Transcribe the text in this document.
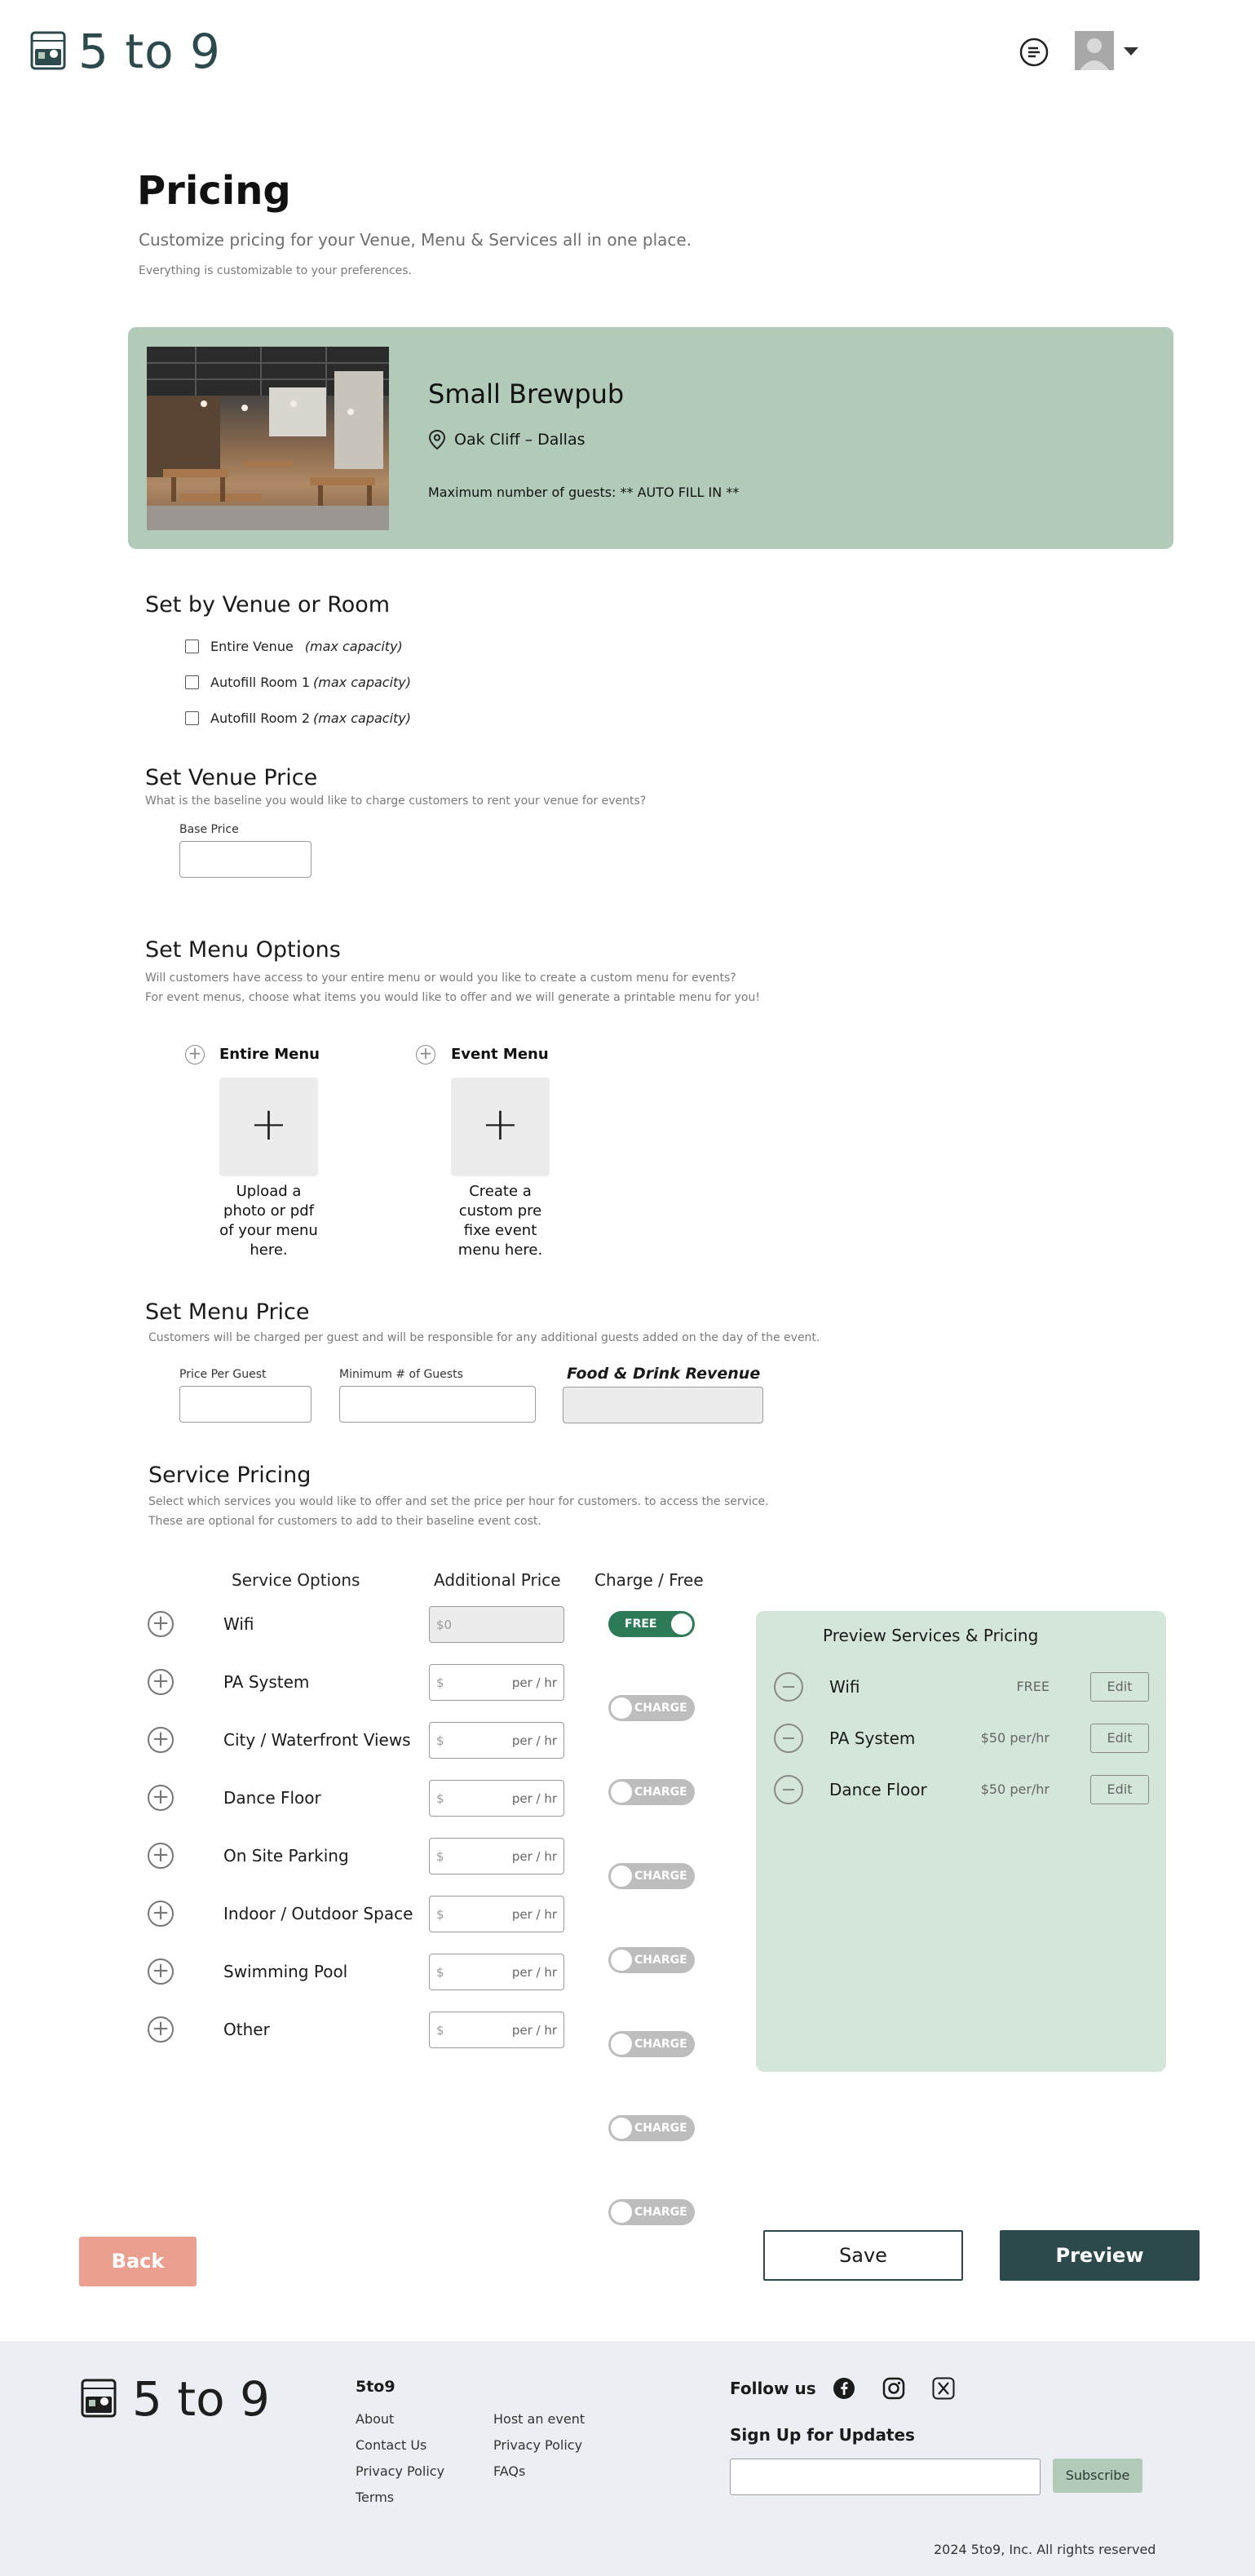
5 to 9
Pricing
Customize pricing for your Venue, Menu & Services all in one place.
Everything is customizable to your preferences.
Small Brewpub
Oak Cliff – Dallas
Maximum number of guests: ** AUTO FILL IN **
Set by Venue or Room
Entire Venue (max capacity)
Autofill Room 1 (max capacity)
Autofill Room 2 (max capacity)
Set Venue Price
What is the baseline you would like to charge customers to rent your venue for events?
Base Price
Set Menu Options
Will customers have access to your entire menu or would you like to create a custom menu for events?
For event menus, choose what items you would like to offer and we will generate a printable menu for you!
+ Entire Menu
+
Upload a photo or pdf of your menu here.
+ Event Menu
+
Create a custom pre fixe event menu here.
Set Menu Price
Customers will be charged per guest and will be responsible for any additional guests added on the day of the event.
Price Per Guest	Minimum # of Guests	Food & Drink Revenue
Service Pricing
Select which services you would like to offer and set the price per hour for customers. to access the service.
These are optional for customers to add to their baseline event cost.
Service Options	Additional Price Charge / Free
+	Wifi	$0	FREE
+	PA System	$	per / hr
CHARGE
+	City / Waterfront Views $	per / hr
CHARGE
+	Dance Floor	$	per / hr
CHARGE
+	On Site Parking	$	per / hr
CHARGE
+	Indoor / Outdoor Space $	per / hr
CHARGE
+	Swimming Pool	$	per / hr
CHARGE
+	Other	$	per / hr
CHARGE
Preview Services & Pricing
Wifi	FREE	Edit
PA System	$50 per/hr	Edit
Dance Floor	$50 per/hr	Edit
Back	Save	Preview
5 to 9	5to9
About
Contact Us
Privacy Policy
Terms
Host an event
Privacy Policy
FAQs
Follow us
Sign Up for Updates
Subscribe
2024 5to9, Inc. All rights reserved
